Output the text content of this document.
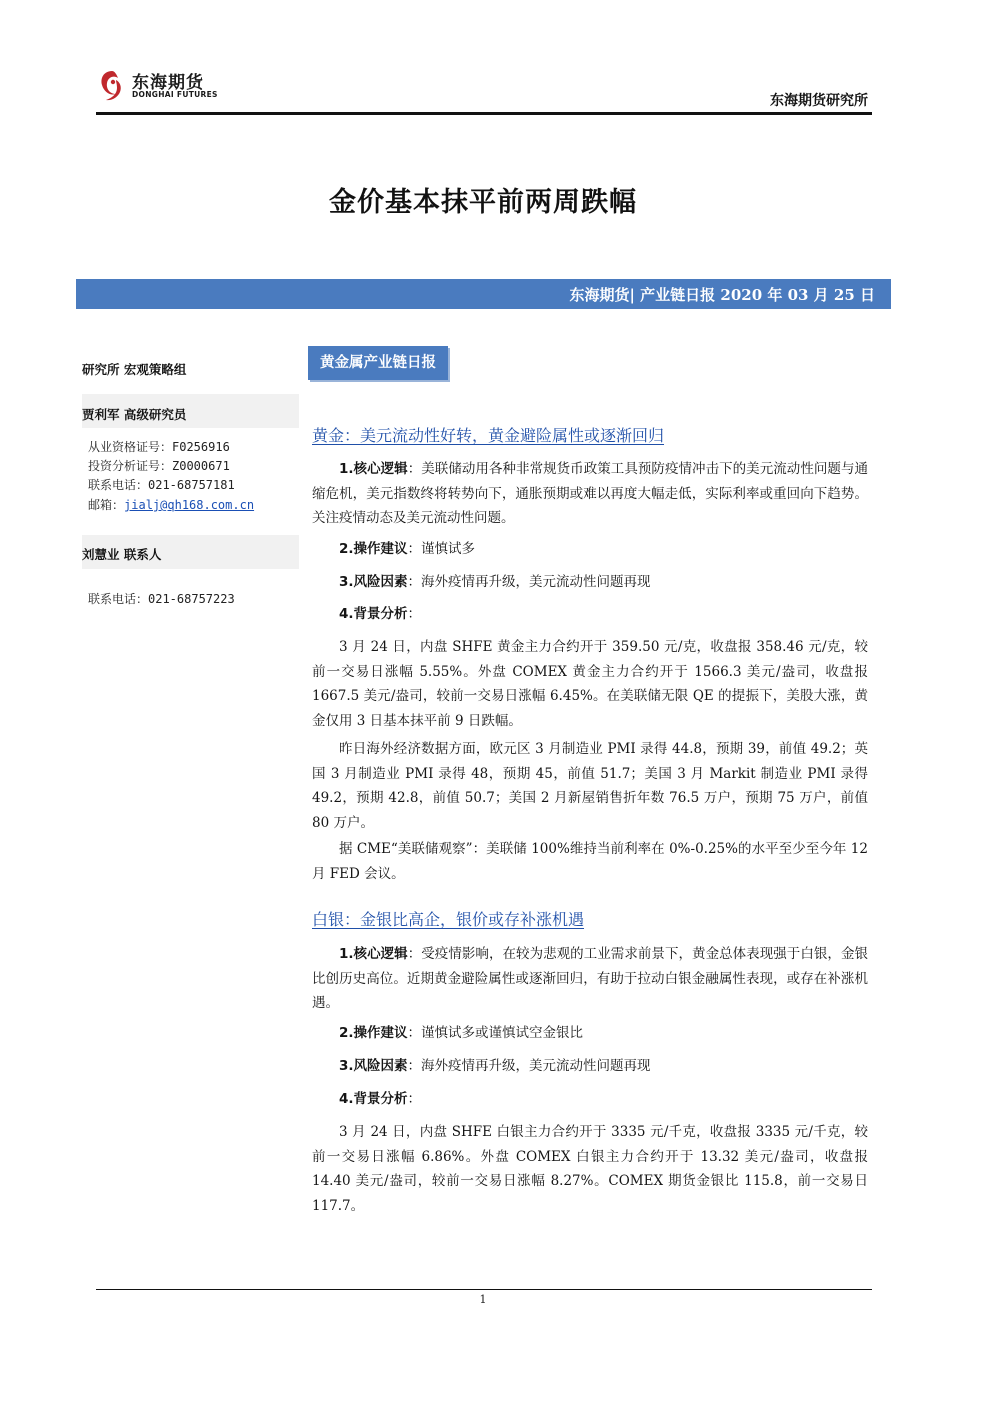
东海期货
DONGHAI FUTURES	东海期货研究所
金价基本抹平前两周跌幅
东海期货| 产业链日报 2020 年 03 月 25 日
研究所 宏观策略组
贾利军 高级研究员
从业资格证号：F0256916
投资分析证号：Z0000671
联系电话：021-68757181
邮箱：jialj@qh168.com.cn
刘慧业 联系人
联系电话：021-68757223
黄金属产业链日报
黄金：美元流动性好转，黄金避险属性或逐渐回归
1.核心逻辑：美联储动用各种非常规货币政策工具预防疫情冲击下的美元流动性问题与通缩危机，美元指数终将转势向下，通胀预期或难以再度大幅走低，实际利率或重回向下趋势。关注疫情动态及美元流动性问题。
2.操作建议：谨慎试多
3.风险因素：海外疫情再升级，美元流动性问题再现
4.背景分析：
3 月 24 日，内盘 SHFE 黄金主力合约开于 359.50 元/克，收盘报 358.46 元/克，较前一交易日涨幅 5.55%。外盘 COMEX 黄金主力合约开于 1566.3 美元/盎司，收盘报 1667.5 美元/盎司，较前一交易日涨幅 6.45%。在美联储无限 QE 的提振下，美股大涨，黄金仅用 3 日基本抹平前 9 日跌幅。
昨日海外经济数据方面，欧元区 3 月制造业 PMI 录得 44.8，预期 39，前值 49.2；英国 3 月制造业 PMI 录得 48，预期 45，前值 51.7；美国 3 月 Markit 制造业 PMI 录得 49.2，预期 42.8，前值 50.7；美国 2 月新屋销售折年数 76.5 万户，预期 75 万户，前值 80 万户。
据 CME“美联储观察”：美联储 100%维持当前利率在 0%-0.25%的水平至少至今年 12 月 FED 会议。
白银：金银比高企，银价或存补涨机遇
1.核心逻辑：受疫情影响，在较为悲观的工业需求前景下，黄金总体表现强于白银，金银比创历史高位。近期黄金避险属性或逐渐回归，有助于拉动白银金融属性表现，或存在补涨机遇。
2.操作建议：谨慎试多或谨慎试空金银比
3.风险因素：海外疫情再升级，美元流动性问题再现
4.背景分析：
3 月 24 日，内盘 SHFE 白银主力合约开于 3335 元/千克，收盘报 3335 元/千克，较前一交易日涨幅 6.86%。外盘 COMEX 白银主力合约开于 13.32 美元/盎司，收盘报 14.40 美元/盎司，较前一交易日涨幅 8.27%。COMEX 期货金银比 115.8，前一交易日 117.7。
1
